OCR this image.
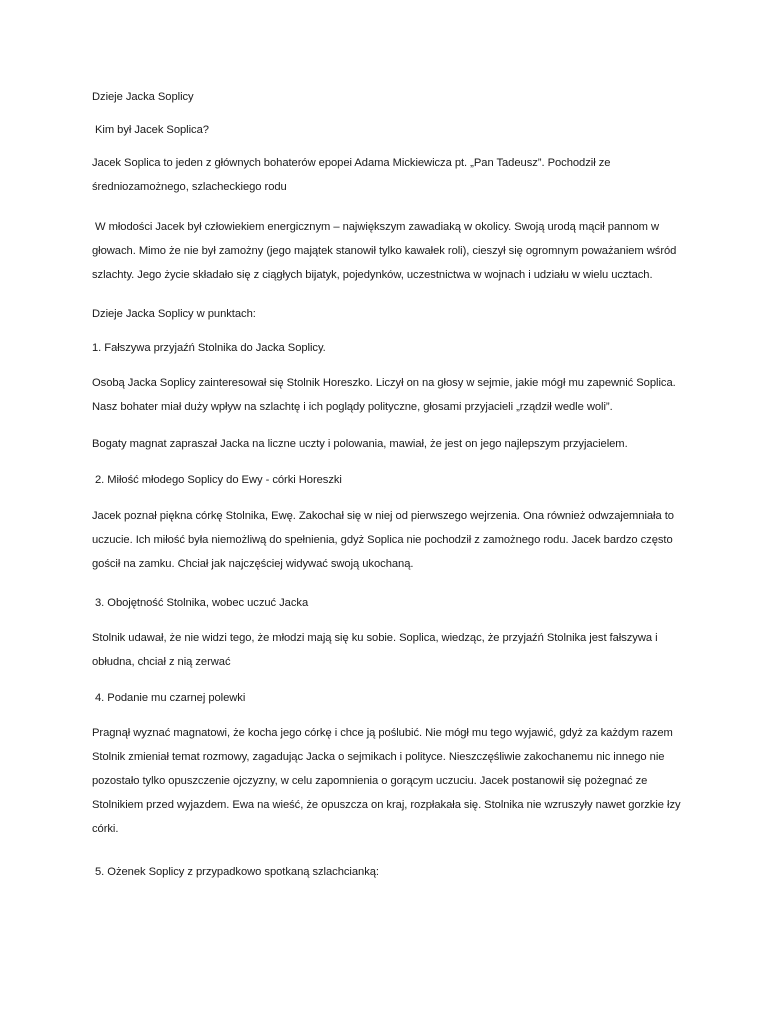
Dzieje Jacka Soplicy
Kim był Jacek Soplica?
Jacek Soplica to jeden z głównych bohaterów epopei Adama Mickiewicza pt. „Pan Tadeusz”. Pochodził ze
średniozamożnego, szlacheckiego rodu
W młodości Jacek był człowiekiem energicznym – największym zawadiaką w okolicy. Swoją urodą mącił pannom w
głowach. Mimo że nie był zamożny (jego majątek stanowił tylko kawałek roli), cieszył się ogromnym poważaniem wśród
szlachty. Jego życie składało się z ciągłych bijatyk, pojedynków, uczestnictwa w wojnach i udziału w wielu ucztach.
Dzieje Jacka Soplicy w punktach:
1. Fałszywa przyjaźń Stolnika do Jacka Soplicy.
Osobą Jacka Soplicy zainteresował się Stolnik Horeszko. Liczył on na głosy w sejmie, jakie mógł mu zapewnić Soplica.
Nasz bohater miał duży wpływ na szlachtę i ich poglądy polityczne, głosami przyjacieli „rządził wedle woli”.
Bogaty magnat zapraszał Jacka na liczne uczty i polowania, mawiał, że jest on jego najlepszym przyjacielem.
2. Miłość młodego Soplicy do Ewy - córki Horeszki
Jacek poznał piękna córkę Stolnika, Ewę. Zakochał się w niej od pierwszego wejrzenia. Ona również odwzajemniała to
uczucie. Ich miłość była niemożliwą do spełnienia, gdyż Soplica nie pochodził z zamożnego rodu. Jacek bardzo często
gościł na zamku. Chciał jak najczęściej widywać swoją ukochaną.
3. Obojętność Stolnika, wobec uczuć Jacka
Stolnik udawał, że nie widzi tego, że młodzi mają się ku sobie. Soplica, wiedząc, że przyjaźń Stolnika jest fałszywa i
obłudna, chciał z nią zerwać
4. Podanie mu czarnej polewki
Pragnął wyznać magnatowi, że kocha jego córkę i chce ją poślubić. Nie mógł mu tego wyjawić, gdyż za każdym razem
Stolnik zmieniał temat rozmowy, zagadując Jacka o sejmikach i polityce. Nieszczęśliwie zakochanemu nic innego nie
pozostało tylko opuszczenie ojczyzny, w celu zapomnienia o gorącym uczuciu. Jacek postanowił się pożegnać ze
Stolnikiem przed wyjazdem. Ewa na wieść, że opuszcza on kraj, rozpłakała się. Stolnika nie wzruszyły nawet gorzkie łzy
córki.
5. Ożenek Soplicy z przypadkowo spotkaną szlachcianką:
